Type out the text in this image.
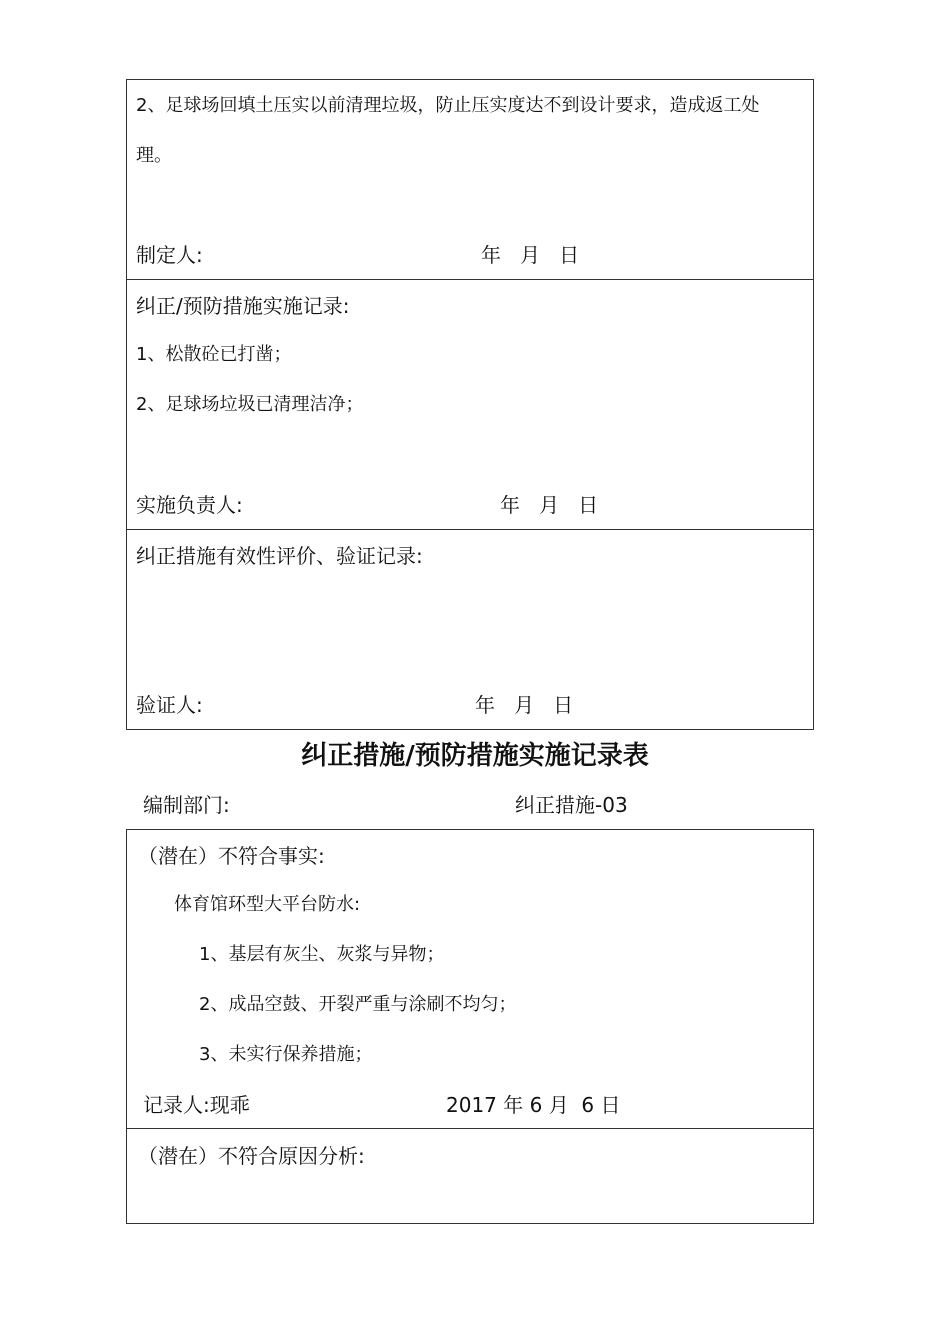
2、足球场回填土压实以前清理垃圾，防止压实度达不到设计要求，造成返工处
理。
制定人:	年   月   日
纠正/预防措施实施记录:
1、松散砼已打凿；
2、足球场垃圾已清理洁净；
实施负责人:	年   月   日
纠正措施有效性评价、验证记录:
验证人:	年   月   日
纠正措施/预防措施实施记录表
编制部门:	纠正措施-03
（潜在）不符合事实:
体育馆环型大平台防水:
1、基层有灰尘、灰浆与异物；
2、成品空鼓、开裂严重与涂刷不均匀；
3、未实行保养措施；
记录人:现乖	2017 年 6 月  6 日
（潜在）不符合原因分析:
